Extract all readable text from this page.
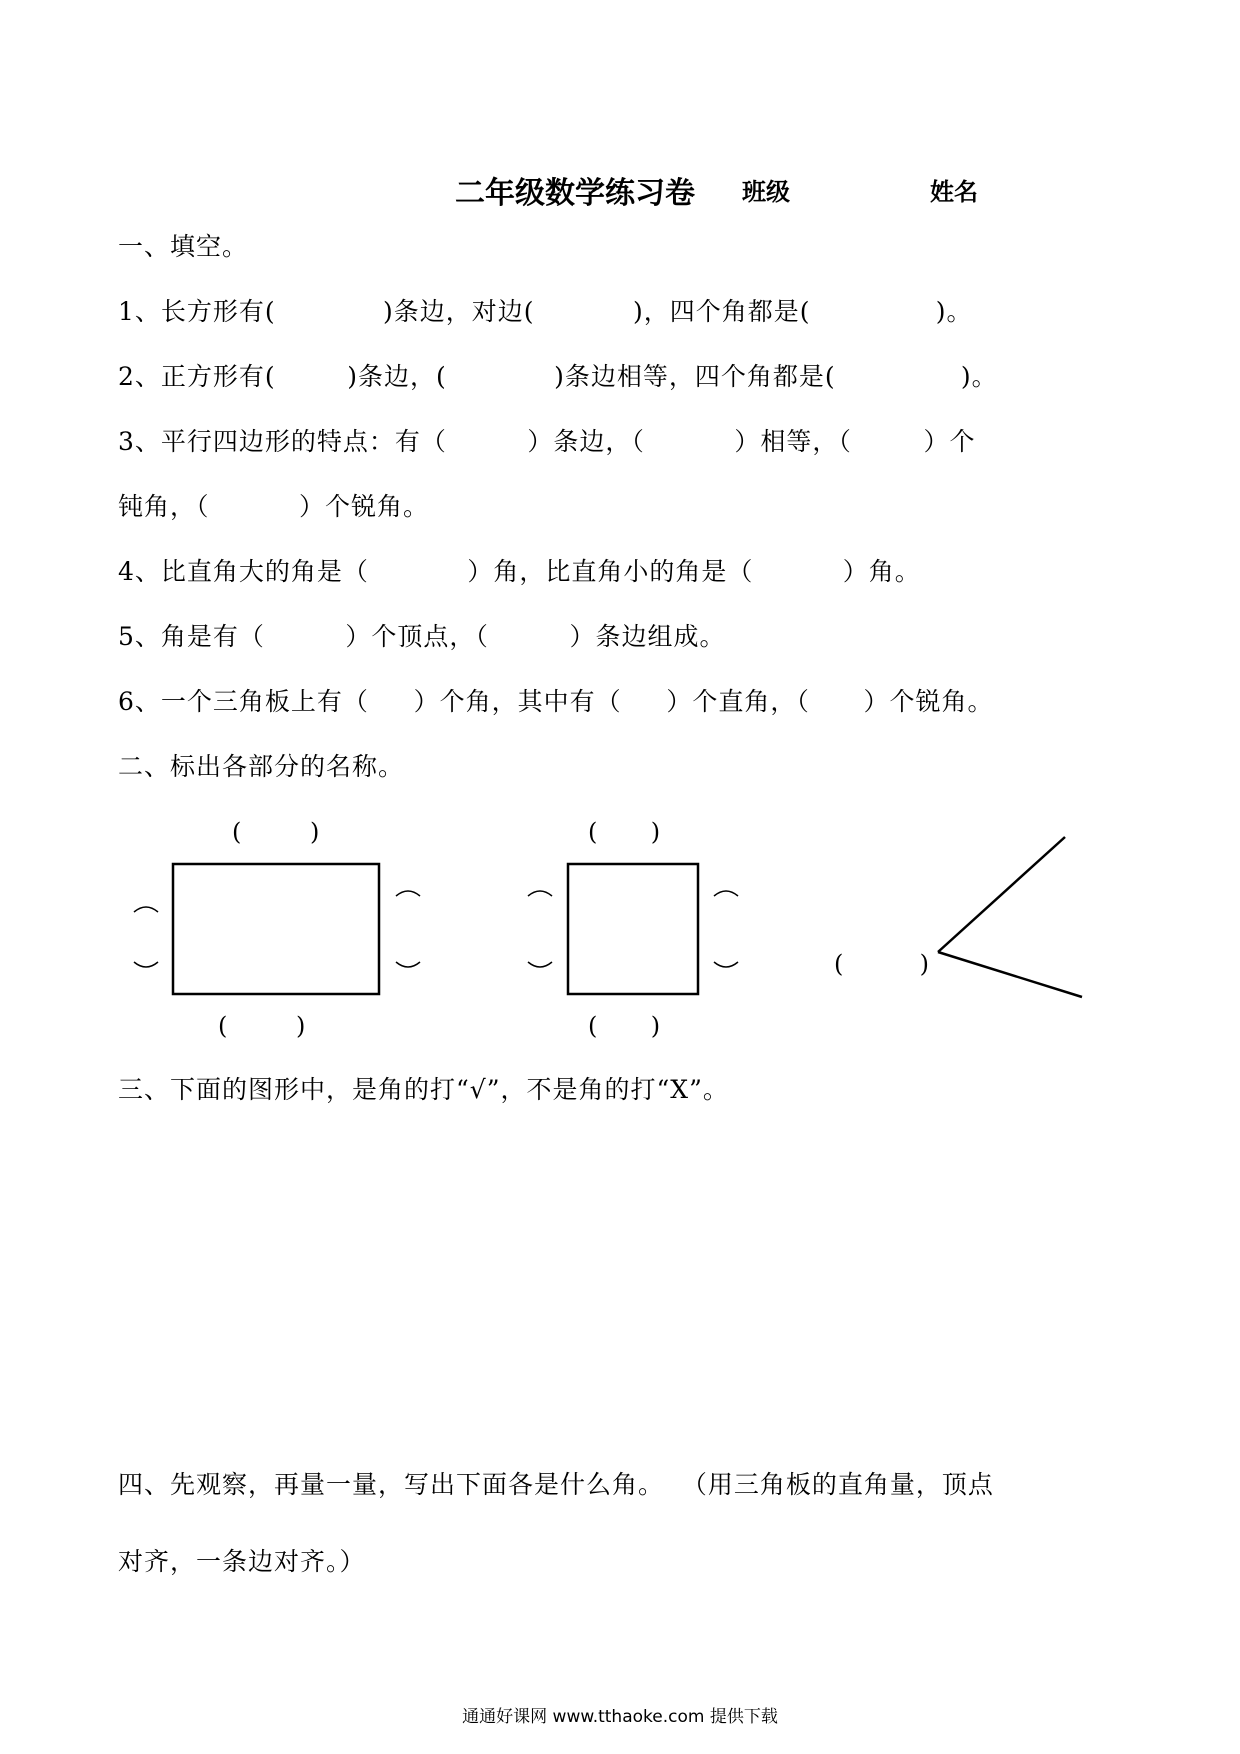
二年级数学练习卷 班级	姓名
一、填空。
1、长方形有(            )条边，对边(           )，四个角都是(              )。
2、正方形有(        )条边，(            )条边相等，四个角都是(              )。
3、平行四边形的特点：有（         ）条边，（          ）相等，（        ）个
钝角，（          ）个锐角。
4、比直角大的角是（           ）角，比直角小的角是（          ）角。
5、角是有（         ）个顶点，（         ）条边组成。
6、一个三角板上有（     ）个角，其中有（     ）个直角，（      ）个锐角。
二、标出各部分的名称。
(         )
(         )
(       )
(       )
(          )
三、下面的图形中，是角的打“√”，不是角的打“X”。
四、先观察，再量一量，写出下面各是什么角。  （用三角板的直角量，顶点
对齐，一条边对齐。）
通通好课网 www.tthaoke.com 提供下载
